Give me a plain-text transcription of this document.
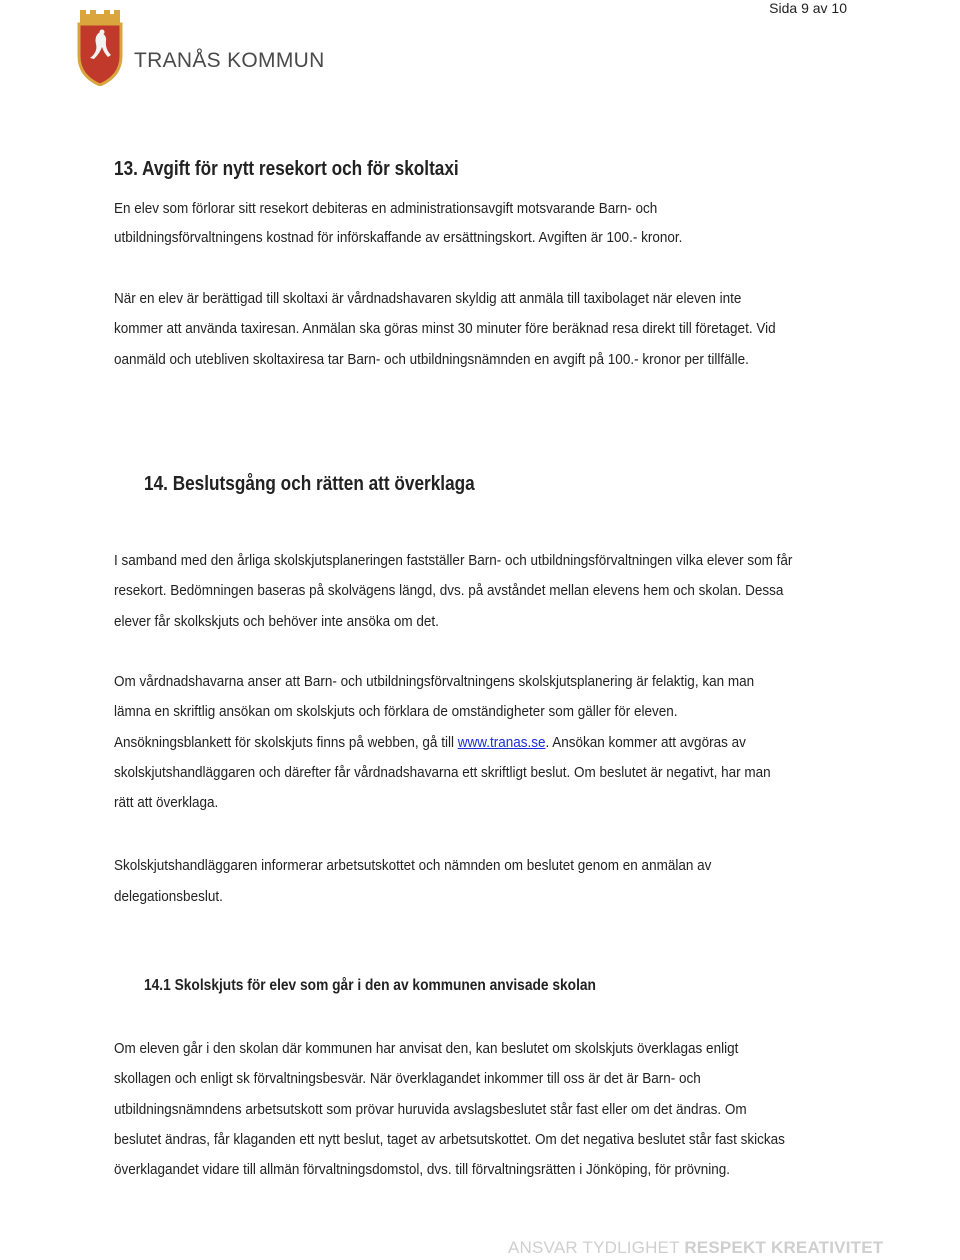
Sida 9 av 10
TRANÅS KOMMUN
13. Avgift för nytt resekort och för skoltaxi

En elev som förlorar sitt resekort debiteras en administrationsavgift motsvarande Barn- och

utbildningsförvaltningens kostnad för införskaffande av ersättningskort. Avgiften är 100.- kronor.

När en elev är berättigad till skoltaxi är vårdnadshavaren skyldig att anmäla till taxibolaget när eleven inte

kommer att använda taxiresan. Anmälan ska göras minst 30 minuter före beräknad resa direkt till företaget. Vid

oanmäld och utebliven skoltaxiresa tar Barn- och utbildningsnämnden en avgift på 100.- kronor per tillfälle.

14. Beslutsgång och rätten att överklaga

I samband med den årliga skolskjutsplaneringen fastställer Barn- och utbildningsförvaltningen vilka elever som får

resekort. Bedömningen baseras på skolvägens längd, dvs. på avståndet mellan elevens hem och skolan. Dessa

elever får skolkskjuts och behöver inte ansöka om det.

Om vårdnadshavarna anser att Barn- och utbildningsförvaltningens skolskjutsplanering är felaktig, kan man

lämna en skriftlig ansökan om skolskjuts och förklara de omständigheter som gäller för eleven.

Ansökningsblankett för skolskjuts finns på webben, gå till www.tranas.se. Ansökan kommer att avgöras av

skolskjutshandläggaren och därefter får vårdnadshavarna ett skriftligt beslut. Om beslutet är negativt, har man

rätt att överklaga.

Skolskjutshandläggaren informerar arbetsutskottet och nämnden om beslutet genom en anmälan av

delegationsbeslut.

14.1 Skolskjuts för elev som går i den av kommunen anvisade skolan

Om eleven går i den skolan där kommunen har anvisat den, kan beslutet om skolskjuts överklagas enligt

skollagen och enligt sk förvaltningsbesvär. När överklagandet inkommer till oss är det är Barn- och

utbildningsnämndens arbetsutskott som prövar huruvida avslagsbeslutet står fast eller om det ändras. Om

beslutet ändras, får klaganden ett nytt beslut, taget av arbetsutskottet. Om det negativa beslutet står fast skickas

överklagandet vidare till allmän förvaltningsdomstol, dvs. till förvaltningsrätten i Jönköping, för prövning.

ANSVAR TYDLIGHET RESPEKT KREATIVITET
